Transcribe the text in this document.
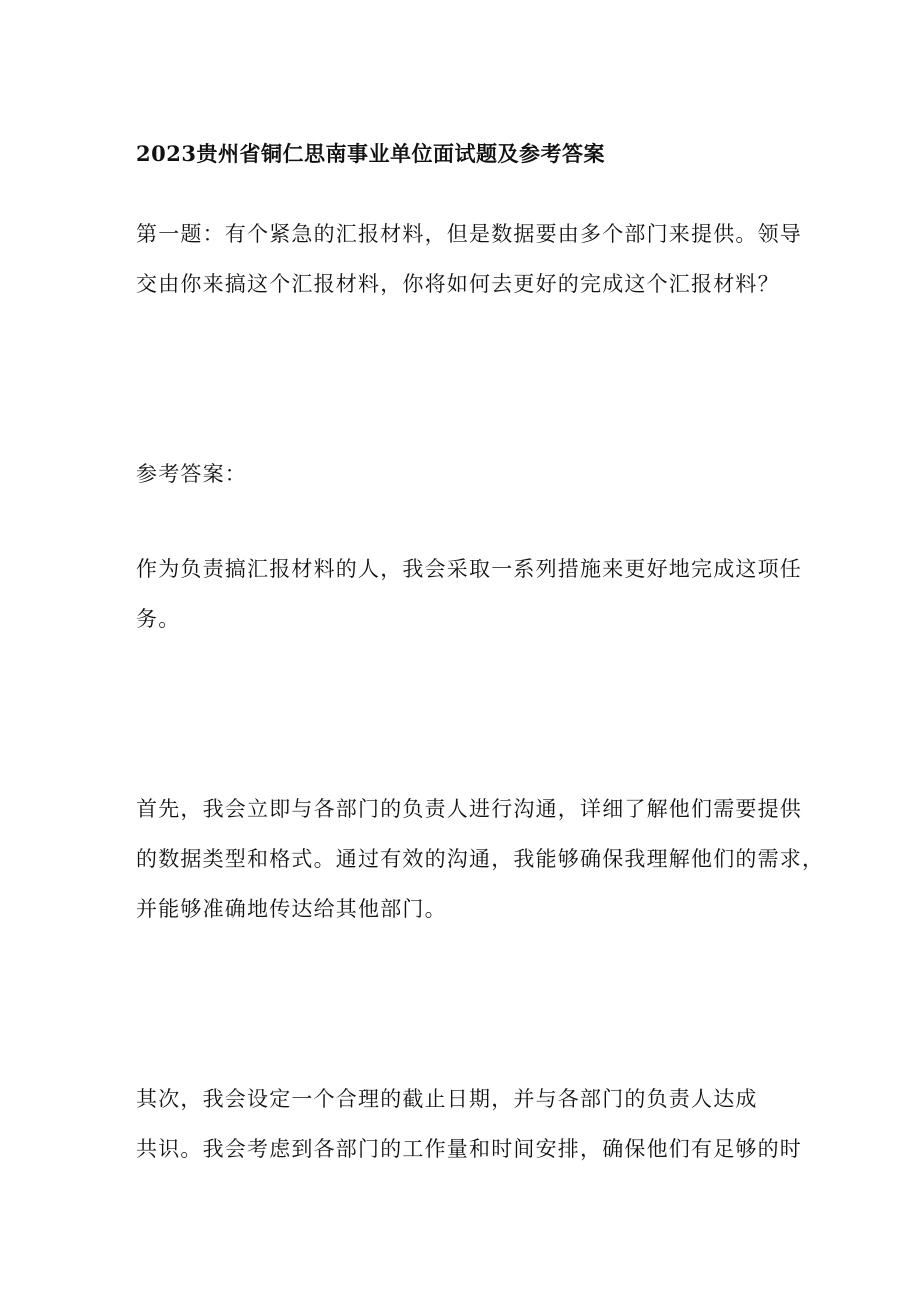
2023贵州省铜仁思南事业单位面试题及参考答案
第一题：有个紧急的汇报材料，但是数据要由多个部门来提供。领导
交由你来搞这个汇报材料，你将如何去更好的完成这个汇报材料？
参考答案：
作为负责搞汇报材料的人，我会采取一系列措施来更好地完成这项任
务。
首先，我会立即与各部门的负责人进行沟通，详细了解他们需要提供
的数据类型和格式。通过有效的沟通，我能够确保我理解他们的需求，
并能够准确地传达给其他部门。
其次，我会设定一个合理的截止日期，并与各部门的负责人达成
共识。我会考虑到各部门的工作量和时间安排，确保他们有足够的时
